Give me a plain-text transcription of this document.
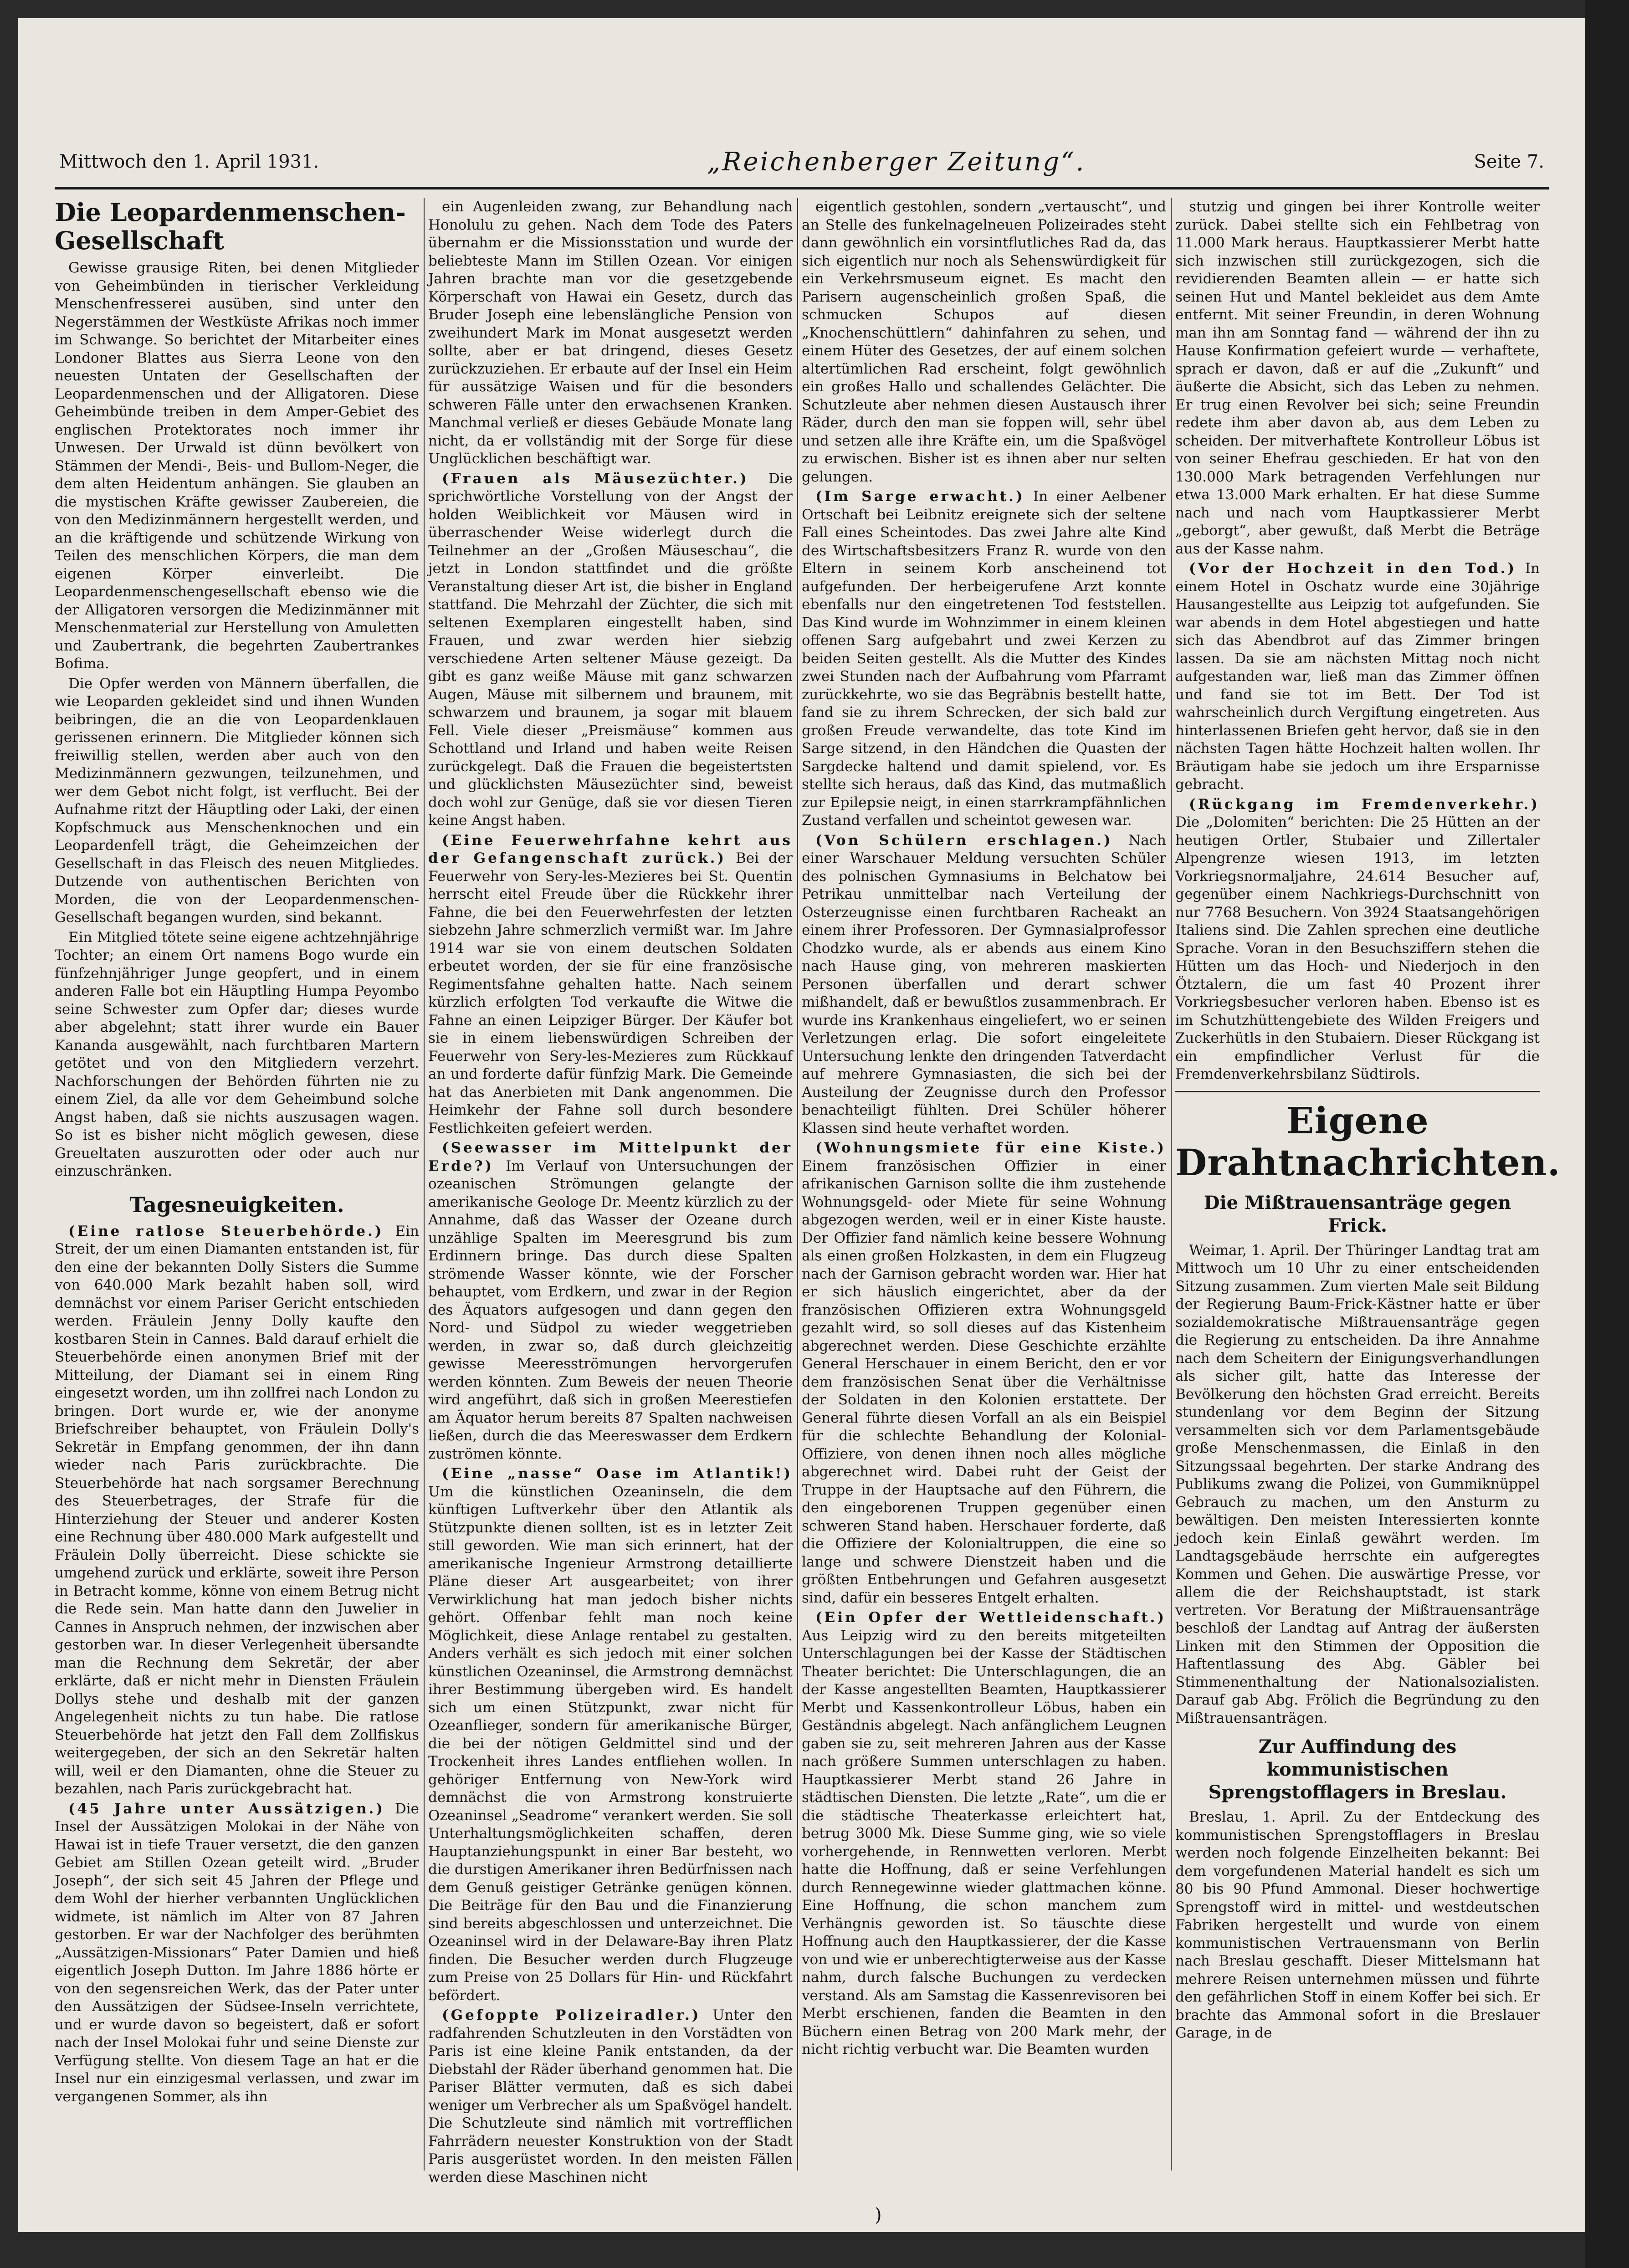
Mittwoch den 1. April 1931.	„Reichenberger Zeitung“.	Seite 7.
Die Leopardenmenschen-Gesellschaft

Gewisse grausige Riten, bei denen Mitglieder von Geheimbünden in tierischer Verkleidung Menschenfresserei ausüben, sind unter den Negerstämmen der Westküste Afrikas noch immer im Schwange. So berichtet der Mitarbeiter eines Londoner Blattes aus Sierra Leone von den neuesten Untaten der Gesellschaften der Leopardenmenschen und der Alligatoren. Diese Geheimbünde treiben in dem Amper-Gebiet des englischen Protektorates noch immer ihr Unwesen. Der Urwald ist dünn bevölkert von Stämmen der Mendi-, Beis- und Bullom-Neger, die dem alten Heidentum anhängen. Sie glauben an die mystischen Kräfte gewisser Zaubereien, die von den Medizinmännern hergestellt werden, und an die kräftigende und schützende Wirkung von Teilen des menschlichen Körpers, die man dem eigenen Körper einverleibt. Die Leopardenmenschengesellschaft ebenso wie die der Alligatoren versorgen die Medizinmänner mit Menschenmaterial zur Herstellung von Amuletten und Zaubertrank, die begehrten Zaubertrankes Bofima.

Die Opfer werden von Männern überfallen, die wie Leoparden gekleidet sind und ihnen Wunden beibringen, die an die von Leopardenklauen gerissenen erinnern. Die Mitglieder können sich freiwillig stellen, werden aber auch von den Medizinmännern gezwungen, teilzunehmen, und wer dem Gebot nicht folgt, ist verflucht. Bei der Aufnahme ritzt der Häuptling oder Laki, der einen Kopfschmuck aus Menschenknochen und ein Leopardenfell trägt, die Geheimzeichen der Gesellschaft in das Fleisch des neuen Mitgliedes. Dutzende von authentischen Berichten von Morden, die von der Leopardenmenschen-Gesellschaft begangen wurden, sind bekannt.

Ein Mitglied tötete seine eigene achtzehnjährige Tochter; an einem Ort namens Bogo wurde ein fünfzehnjähriger Junge geopfert, und in einem anderen Falle bot ein Häuptling Humpa Peyombo seine Schwester zum Opfer dar; dieses wurde aber abgelehnt; statt ihrer wurde ein Bauer Kananda ausgewählt, nach furchtbaren Martern getötet und von den Mitgliedern verzehrt. Nachforschungen der Behörden führten nie zu einem Ziel, da alle vor dem Geheimbund solche Angst haben, daß sie nichts auszusagen wagen. So ist es bisher nicht möglich gewesen, diese Greueltaten auszurotten oder oder auch nur einzuschränken.

Tagesneuigkeiten.

(Eine ratlose Steuerbehörde.) Ein Streit, der um einen Diamanten entstanden ist, für den eine der bekannten Dolly Sisters die Summe von 640.000 Mark bezahlt haben soll, wird demnächst vor einem Pariser Gericht entschieden werden. Fräulein Jenny Dolly kaufte den kostbaren Stein in Cannes. Bald darauf erhielt die Steuerbehörde einen anonymen Brief mit der Mitteilung, der Diamant sei in einem Ring eingesetzt worden, um ihn zollfrei nach London zu bringen. Dort wurde er, wie der anonyme Briefschreiber behauptet, von Fräulein Dolly's Sekretär in Empfang genommen, der ihn dann wieder nach Paris zurückbrachte. Die Steuerbehörde hat nach sorgsamer Berechnung des Steuerbetrages, der Strafe für die Hinterziehung der Steuer und anderer Kosten eine Rechnung über 480.000 Mark aufgestellt und Fräulein Dolly überreicht. Diese schickte sie umgehend zurück und erklärte, soweit ihre Person in Betracht komme, könne von einem Betrug nicht die Rede sein. Man hatte dann den Juwelier in Cannes in Anspruch nehmen, der inzwischen aber gestorben war. In dieser Verlegenheit übersandte man die Rechnung dem Sekretär, der aber erklärte, daß er nicht mehr in Diensten Fräulein Dollys stehe und deshalb mit der ganzen Angelegenheit nichts zu tun habe. Die ratlose Steuerbehörde hat jetzt den Fall dem Zollfiskus weitergegeben, der sich an den Sekretär halten will, weil er den Diamanten, ohne die Steuer zu bezahlen, nach Paris zurückgebracht hat.

(45 Jahre unter Aussätzigen.) Die Insel der Aussätzigen Molokai in der Nähe von Hawai ist in tiefe Trauer versetzt, die den ganzen Gebiet am Stillen Ozean geteilt wird. „Bruder Joseph“, der sich seit 45 Jahren der Pflege und dem Wohl der hierher verbannten Unglücklichen widmete, ist nämlich im Alter von 87 Jahren gestorben. Er war der Nachfolger des berühmten „Aussätzigen-Missionars“ Pater Damien und hieß eigentlich Joseph Dutton. Im Jahre 1886 hörte er von den segensreichen Werk, das der Pater unter den Aussätzigen der Südsee-Inseln verrichtete, und er wurde davon so begeistert, daß er sofort nach der Insel Molokai fuhr und seine Dienste zur Verfügung stellte. Von diesem Tage an hat er die Insel nur ein einzigesmal verlassen, und zwar im vergangenen Sommer, als ihn

ein Augenleiden zwang, zur Behandlung nach Honolulu zu gehen. Nach dem Tode des Paters übernahm er die Missionsstation und wurde der beliebteste Mann im Stillen Ozean. Vor einigen Jahren brachte man vor die gesetzgebende Körperschaft von Hawai ein Gesetz, durch das Bruder Joseph eine lebenslängliche Pension von zweihundert Mark im Monat ausgesetzt werden sollte, aber er bat dringend, dieses Gesetz zurückzuziehen. Er erbaute auf der Insel ein Heim für aussätzige Waisen und für die besonders schweren Fälle unter den erwachsenen Kranken. Manchmal verließ er dieses Gebäude Monate lang nicht, da er vollständig mit der Sorge für diese Unglücklichen beschäftigt war.

(Frauen als Mäusezüchter.) Die sprichwörtliche Vorstellung von der Angst der holden Weiblichkeit vor Mäusen wird in überraschender Weise widerlegt durch die Teilnehmer an der „Großen Mäuseschau“, die jetzt in London stattfindet und die größte Veranstaltung dieser Art ist, die bisher in England stattfand. Die Mehrzahl der Züchter, die sich mit seltenen Exemplaren eingestellt haben, sind Frauen, und zwar werden hier siebzig verschiedene Arten seltener Mäuse gezeigt. Da gibt es ganz weiße Mäuse mit ganz schwarzen Augen, Mäuse mit silbernem und braunem, mit schwarzem und braunem, ja sogar mit blauem Fell. Viele dieser „Preismäuse“ kommen aus Schottland und Irland und haben weite Reisen zurückgelegt. Daß die Frauen die begeistertsten und glücklichsten Mäusezüchter sind, beweist doch wohl zur Genüge, daß sie vor diesen Tieren keine Angst haben.

(Eine Feuerwehrfahne kehrt aus der Gefangenschaft zurück.) Bei der Feuerwehr von Sery-les-Mezieres bei St. Quentin herrscht eitel Freude über die Rückkehr ihrer Fahne, die bei den Feuerwehrfesten der letzten siebzehn Jahre schmerzlich vermißt war. Im Jahre 1914 war sie von einem deutschen Soldaten erbeutet worden, der sie für eine französische Regimentsfahne gehalten hatte. Nach seinem kürzlich erfolgten Tod verkaufte die Witwe die Fahne an einen Leipziger Bürger. Der Käufer bot sie in einem liebenswürdigen Schreiben der Feuerwehr von Sery-les-Mezieres zum Rückkauf an und forderte dafür fünfzig Mark. Die Gemeinde hat das Anerbieten mit Dank angenommen. Die Heimkehr der Fahne soll durch besondere Festlichkeiten gefeiert werden.

(Seewasser im Mittelpunkt der Erde?) Im Verlauf von Untersuchungen der ozeanischen Strömungen gelangte der amerikanische Geologe Dr. Meentz kürzlich zu der Annahme, daß das Wasser der Ozeane durch unzählige Spalten im Meeresgrund bis zum Erdinnern bringe. Das durch diese Spalten strömende Wasser könnte, wie der Forscher behauptet, vom Erdkern, und zwar in der Region des Äquators aufgesogen und dann gegen den Nord- und Südpol zu wieder weggetrieben werden, in zwar so, daß durch gleichzeitig gewisse Meeresströmungen hervorgerufen werden könnten. Zum Beweis der neuen Theorie wird angeführt, daß sich in großen Meerestiefen am Äquator herum bereits 87 Spalten nachweisen ließen, durch die das Meereswasser dem Erdkern zuströmen könnte.

(Eine „nasse“ Oase im Atlantik!) Um die künstlichen Ozeaninseln, die dem künftigen Luftverkehr über den Atlantik als Stützpunkte dienen sollten, ist es in letzter Zeit still geworden. Wie man sich erinnert, hat der amerikanische Ingenieur Armstrong detaillierte Pläne dieser Art ausgearbeitet; von ihrer Verwirklichung hat man jedoch bisher nichts gehört. Offenbar fehlt man noch keine Möglichkeit, diese Anlage rentabel zu gestalten. Anders verhält es sich jedoch mit einer solchen künstlichen Ozeaninsel, die Armstrong demnächst ihrer Bestimmung übergeben wird. Es handelt sich um einen Stützpunkt, zwar nicht für Ozeanflieger, sondern für amerikanische Bürger, die bei der nötigen Geldmittel sind und der Trockenheit ihres Landes entfliehen wollen. In gehöriger Entfernung von New-York wird demnächst die von Armstrong konstruierte Ozeaninsel „Seadrome“ verankert werden. Sie soll Unterhaltungsmöglichkeiten schaffen, deren Hauptanziehungspunkt in einer Bar besteht, wo die durstigen Amerikaner ihren Bedürfnissen nach dem Genuß geistiger Getränke genügen können. Die Beiträge für den Bau und die Finanzierung sind bereits abgeschlossen und unterzeichnet. Die Ozeaninsel wird in der Delaware-Bay ihren Platz finden. Die Besucher werden durch Flugzeuge zum Preise von 25 Dollars für Hin- und Rückfahrt befördert.

(Gefoppte Polizeiradler.) Unter den radfahrenden Schutzleuten in den Vorstädten von Paris ist eine kleine Panik entstanden, da der Diebstahl der Räder überhand genommen hat. Die Pariser Blätter vermuten, daß es sich dabei weniger um Verbrecher als um Spaßvögel handelt. Die Schutzleute sind nämlich mit vortrefflichen Fahrrädern neuester Konstruktion von der Stadt Paris ausgerüstet worden. In den meisten Fällen werden diese Maschinen nicht

eigentlich gestohlen, sondern „vertauscht“, und an Stelle des funkelnagelneuen Polizeirades steht dann gewöhnlich ein vorsintflutliches Rad da, das sich eigentlich nur noch als Sehenswürdigkeit für ein Verkehrsmuseum eignet. Es macht den Parisern augenscheinlich großen Spaß, die schmucken Schupos auf diesen „Knochenschüttlern“ dahinfahren zu sehen, und einem Hüter des Gesetzes, der auf einem solchen altertümlichen Rad erscheint, folgt gewöhnlich ein großes Hallo und schallendes Gelächter. Die Schutzleute aber nehmen diesen Austausch ihrer Räder, durch den man sie foppen will, sehr übel und setzen alle ihre Kräfte ein, um die Spaßvögel zu erwischen. Bisher ist es ihnen aber nur selten gelungen.

(Im Sarge erwacht.) In einer Aelbener Ortschaft bei Leibnitz ereignete sich der seltene Fall eines Scheintodes. Das zwei Jahre alte Kind des Wirtschaftsbesitzers Franz R. wurde von den Eltern in seinem Korb anscheinend tot aufgefunden. Der herbeigerufene Arzt konnte ebenfalls nur den eingetretenen Tod feststellen. Das Kind wurde im Wohnzimmer in einem kleinen offenen Sarg aufgebahrt und zwei Kerzen zu beiden Seiten gestellt. Als die Mutter des Kindes zwei Stunden nach der Aufbahrung vom Pfarramt zurückkehrte, wo sie das Begräbnis bestellt hatte, fand sie zu ihrem Schrecken, der sich bald zur großen Freude verwandelte, das tote Kind im Sarge sitzend, in den Händchen die Quasten der Sargdecke haltend und damit spielend, vor. Es stellte sich heraus, daß das Kind, das mutmaßlich zur Epilepsie neigt, in einen starrkrampfähnlichen Zustand verfallen und scheintot gewesen war.

(Von Schülern erschlagen.) Nach einer Warschauer Meldung versuchten Schüler des polnischen Gymnasiums in Belchatow bei Petrikau unmittelbar nach Verteilung der Osterzeugnisse einen furchtbaren Racheakt an einem ihrer Professoren. Der Gymnasialprofessor Chodzko wurde, als er abends aus einem Kino nach Hause ging, von mehreren maskierten Personen überfallen und derart schwer mißhandelt, daß er bewußtlos zusammenbrach. Er wurde ins Krankenhaus eingeliefert, wo er seinen Verletzungen erlag. Die sofort eingeleitete Untersuchung lenkte den dringenden Tatverdacht auf mehrere Gymnasiasten, die sich bei der Austeilung der Zeugnisse durch den Professor benachteiligt fühlten. Drei Schüler höherer Klassen sind heute verhaftet worden.

(Wohnungsmiete für eine Kiste.) Einem französischen Offizier in einer afrikanischen Garnison sollte die ihm zustehende Wohnungsgeld- oder Miete für seine Wohnung abgezogen werden, weil er in einer Kiste hauste. Der Offizier fand nämlich keine bessere Wohnung als einen großen Holzkasten, in dem ein Flugzeug nach der Garnison gebracht worden war. Hier hat er sich häuslich eingerichtet, aber da der französischen Offizieren extra Wohnungsgeld gezahlt wird, so soll dieses auf das Kistenheim abgerechnet werden. Diese Geschichte erzählte General Herschauer in einem Bericht, den er vor dem französischen Senat über die Verhältnisse der Soldaten in den Kolonien erstattete. Der General führte diesen Vorfall an als ein Beispiel für die schlechte Behandlung der Kolonial-Offiziere, von denen ihnen noch alles mögliche abgerechnet wird. Dabei ruht der Geist der Truppe in der Hauptsache auf den Führern, die den eingeborenen Truppen gegenüber einen schweren Stand haben. Herschauer forderte, daß die Offiziere der Kolonialtruppen, die eine so lange und schwere Dienstzeit haben und die größten Entbehrungen und Gefahren ausgesetzt sind, dafür ein besseres Entgelt erhalten.

(Ein Opfer der Wettleidenschaft.) Aus Leipzig wird zu den bereits mitgeteilten Unterschlagungen bei der Kasse der Städtischen Theater berichtet: Die Unterschlagungen, die an der Kasse angestellten Beamten, Hauptkassierer Merbt und Kassenkontrolleur Löbus, haben ein Geständnis abgelegt. Nach anfänglichem Leugnen gaben sie zu, seit mehreren Jahren aus der Kasse nach größere Summen unterschlagen zu haben. Hauptkassierer Merbt stand 26 Jahre in städtischen Diensten. Die letzte „Rate“, um die er die städtische Theaterkasse erleichtert hat, betrug 3000 Mk. Diese Summe ging, wie so viele vorhergehende, in Rennwetten verloren. Merbt hatte die Hoffnung, daß er seine Verfehlungen durch Rennegewinne wieder glattmachen könne. Eine Hoffnung, die schon manchem zum Verhängnis geworden ist. So täuschte diese Hoffnung auch den Hauptkassierer, der die Kasse von und wie er unberechtigterweise aus der Kasse nahm, durch falsche Buchungen zu verdecken verstand. Als am Samstag die Kassenrevisoren bei Merbt erschienen, fanden die Beamten in den Büchern einen Betrag von 200 Mark mehr, der nicht richtig verbucht war. Die Beamten wurden

stutzig und gingen bei ihrer Kontrolle weiter zurück. Dabei stellte sich ein Fehlbetrag von 11.000 Mark heraus. Hauptkassierer Merbt hatte sich inzwischen still zurückgezogen, sich die revidierenden Beamten allein — er hatte sich seinen Hut und Mantel bekleidet aus dem Amte entfernt. Mit seiner Freundin, in deren Wohnung man ihn am Sonntag fand — während der ihn zu Hause Konfirmation gefeiert wurde — verhaftete, sprach er davon, daß er auf die „Zukunft“ und äußerte die Absicht, sich das Leben zu nehmen. Er trug einen Revolver bei sich; seine Freundin redete ihm aber davon ab, aus dem Leben zu scheiden. Der mitverhaftete Kontrolleur Löbus ist von seiner Ehefrau geschieden. Er hat von den 130.000 Mark betragenden Verfehlungen nur etwa 13.000 Mark erhalten. Er hat diese Summe nach und nach vom Hauptkassierer Merbt „geborgt“, aber gewußt, daß Merbt die Beträge aus der Kasse nahm.

(Vor der Hochzeit in den Tod.) In einem Hotel in Oschatz wurde eine 30jährige Hausangestellte aus Leipzig tot aufgefunden. Sie war abends in dem Hotel abgestiegen und hatte sich das Abendbrot auf das Zimmer bringen lassen. Da sie am nächsten Mittag noch nicht aufgestanden war, ließ man das Zimmer öffnen und fand sie tot im Bett. Der Tod ist wahrscheinlich durch Vergiftung eingetreten. Aus hinterlassenen Briefen geht hervor, daß sie in den nächsten Tagen hätte Hochzeit halten wollen. Ihr Bräutigam habe sie jedoch um ihre Ersparnisse gebracht.

(Rückgang im Fremdenverkehr.) Die „Dolomiten“ berichten: Die 25 Hütten an der heutigen Ortler, Stubaier und Zillertaler Alpengrenze wiesen 1913, im letzten Vorkriegsnormaljahre, 24.614 Besucher auf, gegenüber einem Nachkriegs-Durchschnitt von nur 7768 Besuchern. Von 3924 Staatsangehörigen Italiens sind. Die Zahlen sprechen eine deutliche Sprache. Voran in den Besuchsziffern stehen die Hütten um das Hoch- und Niederjoch in den Ötztalern, die um fast 40 Prozent ihrer Vorkriegsbesucher verloren haben. Ebenso ist es im Schutzhüttengebiete des Wilden Freigers und Zuckerhütls in den Stubaiern. Dieser Rückgang ist ein empfindlicher Verlust für die Fremdenverkehrsbilanz Südtirols.

Eigene Drahtnachrichten.
Die Mißtrauensanträge gegen Frick.

Weimar, 1. April. Der Thüringer Landtag trat am Mittwoch um 10 Uhr zu einer entscheidenden Sitzung zusammen. Zum vierten Male seit Bildung der Regierung Baum-Frick-Kästner hatte er über sozialdemokratische Mißtrauensanträge gegen die Regierung zu entscheiden. Da ihre Annahme nach dem Scheitern der Einigungsverhandlungen als sicher gilt, hatte das Interesse der Bevölkerung den höchsten Grad erreicht. Bereits stundenlang vor dem Beginn der Sitzung versammelten sich vor dem Parlamentsgebäude große Menschenmassen, die Einlaß in den Sitzungssaal begehrten. Der starke Andrang des Publikums zwang die Polizei, von Gummiknüppel Gebrauch zu machen, um den Ansturm zu bewältigen. Den meisten Interessierten konnte jedoch kein Einlaß gewährt werden. Im Landtagsgebäude herrschte ein aufgeregtes Kommen und Gehen. Die auswärtige Presse, vor allem die der Reichshauptstadt, ist stark vertreten. Vor Beratung der Mißtrauensanträge beschloß der Landtag auf Antrag der äußersten Linken mit den Stimmen der Opposition die Haftentlassung des Abg. Gäbler bei Stimmenenthaltung der Nationalsozialisten. Darauf gab Abg. Frölich die Begründung zu den Mißtrauensanträgen.

Zur Auffindung des kommunistischen Sprengstofflagers in Breslau.

Breslau, 1. April. Zu der Entdeckung des kommunistischen Sprengstofflagers in Breslau werden noch folgende Einzelheiten bekannt: Bei dem vorgefundenen Material handelt es sich um 80 bis 90 Pfund Ammonal. Dieser hochwertige Sprengstoff wird in mittel- und westdeutschen Fabriken hergestellt und wurde von einem kommunistischen Vertrauensmann von Berlin nach Breslau geschafft. Dieser Mittelsmann hat mehrere Reisen unternehmen müssen und führte den gefährlichen Stoff in einem Koffer bei sich. Er brachte das Ammonal sofort in die Breslauer Garage, in de

)
